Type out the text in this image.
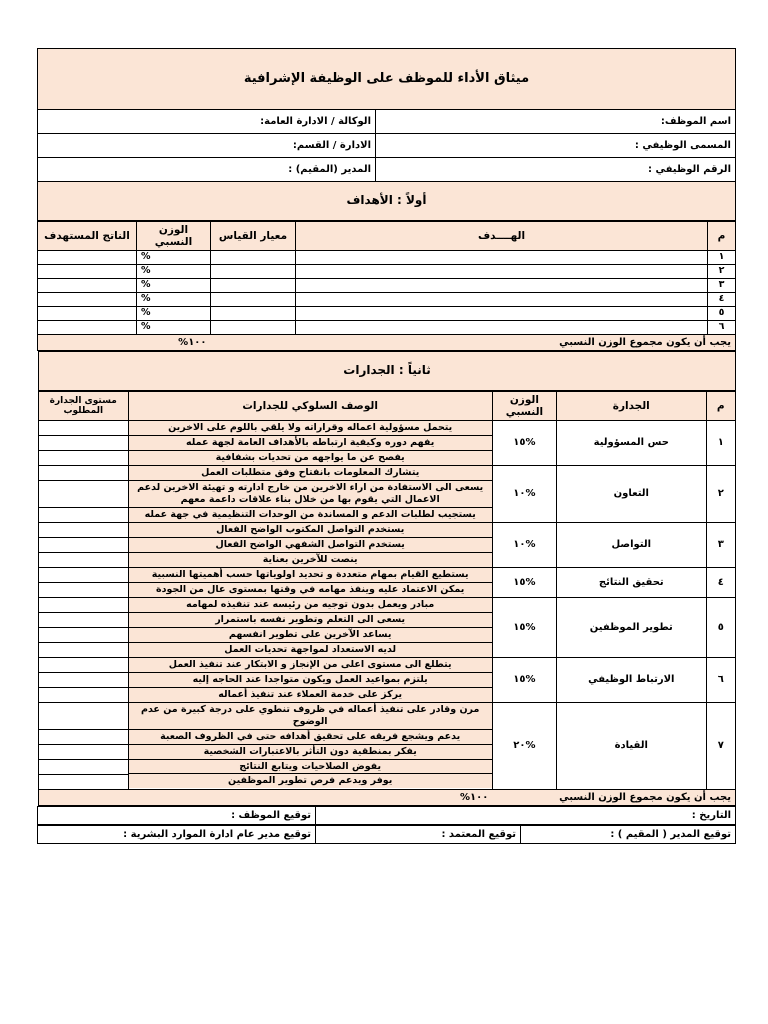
ميثاق الأداء للموظف على الوظيفة الإشرافية	
اسم الموظف:	الوكالة / الادارة العامة:
المسمى الوظيفي :	الادارة / القسم:
الرقم الوظيفي :	المدير (المقيم) :
أولاً : الأهداف	
م	الهــــدف	معيار القياس	الوزن النسبي	الناتج المستهدف
١			%	
٢			%	
٣			%	
٤			%	
٥			%	
٦			%	
يجب أن يكون مجموع الوزن النسبي			١٠٠%	
ثانياً : الجدارات
م	الجدارة	الوزن النسبي	الوصف السلوكي للجدارات	مستوى الجدارة المطلوب
١	حس المسؤولية	%١٥	يتحمل مسؤولية اعماله وقراراته ولا يلقي باللوم على الاخرين
يفهم دوره وكيفية ارتباطه بالأهداف العامة لجهة عمله
يفصح عن ما يواجهه من تحديات بشفافية	

٢	التعاون	%١٠	يتشارك المعلومات بانفتاح وفق متطلبات العمل
يسعى الى الاستفادة من اراء الاخرين من خارج ادارته و تهيئة الاخرين لدعم الاعمال التي يقوم بها من خلال بناء علاقات داعمة معهم
يستجيب لطلبات الدعم و المساندة من الوحدات التنظيمية في جهة عمله	

٣	التواصل	%١٠	يستخدم التواصل المكتوب الواضح الفعال
يستخدم التواصل الشفهي الواضح الفعال
ينصت للآخرين بعناية	

٤	تحقيق النتائج	%١٥	يستطيع القيام بمهام متعددة و تحديد اولوياتها حسب أهميتها النسبية
يمكن الاعتماد عليه وينفذ مهامه في وقتها بمستوى عال من الجودة	

٥	تطوير الموظفين	%١٥	مبادر ويعمل بدون توجيه من رئيسه عند تنفيذه لمهامه
يسعى الى التعلم وتطوير نفسه باستمرار
يساعد الآخرين على تطوير انفسهم
لديه الاستعداد لمواجهة تحديات العمل	

٦	الارتباط الوظيفي	%١٥	يتطلع الى مستوى اعلى من الإنجاز و الابتكار عند تنفيذ العمل
يلتزم بمواعيد العمل ويكون متواجدا عند الحاجه إليه
يركز على خدمة العملاء عند تنفيذ أعماله	

٧	القيادة	%٢٠	مرن وقادر على تنفيذ أعماله في ظروف تنطوي على درجة كبيرة من عدم الوضوح
يدعم ويشجع فريقه على تحقيق أهدافه حتى في الظروف الصعبة
يفكر بمنطقية دون التأثر بالاعتبارات الشخصية
يفوض الصلاحيات ويتابع النتائج
يوفر ويدعم فرص تطوير الموظفين	

يجب أن يكون مجموع الوزن النسبي			١٠٠%	
التاريخ :	توقيع الموظف :
توقيع المدير ( المقيم ) :	توقيع المعتمد :	توقيع مدير عام ادارة الموارد البشرية :
